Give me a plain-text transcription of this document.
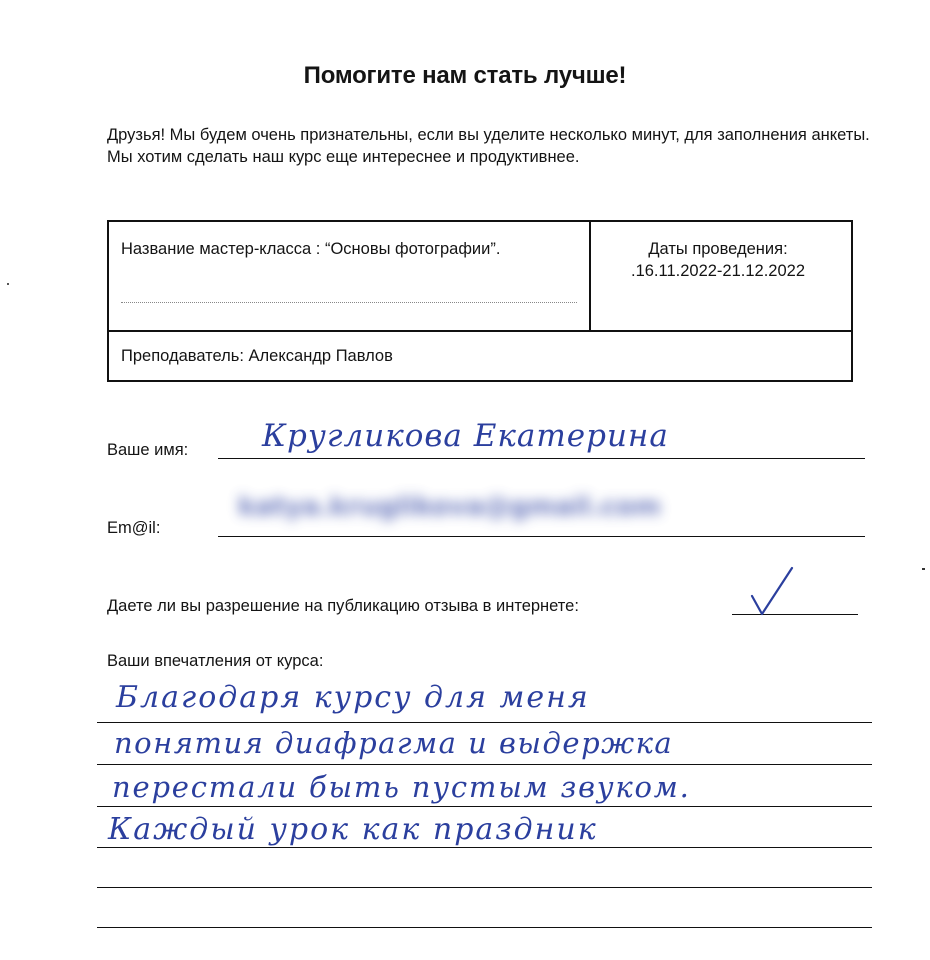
Помогите нам стать лучше!
Друзья! Мы будем очень признательны, если вы уделите несколько минут, для заполнения анкеты. Мы хотим сделать наш курс еще интереснее и продуктивнее.
Название мастер-класса : “Основы фотографии”.	Даты проведения:
.16.11.2022-21.12.2022
Преподаватель: Александр Павлов
Ваше имя: Кругликова Екатерина
Em@il:
katya.kruglikova@gmail.com
Даете ли вы разрешение на публикацию отзыва в интернете:
Ваши впечатления от курса:
Благодаря курсу для меня
понятия диафрагма и выдержка
перестали быть пустым звуком.
Каждый урок как праздник
